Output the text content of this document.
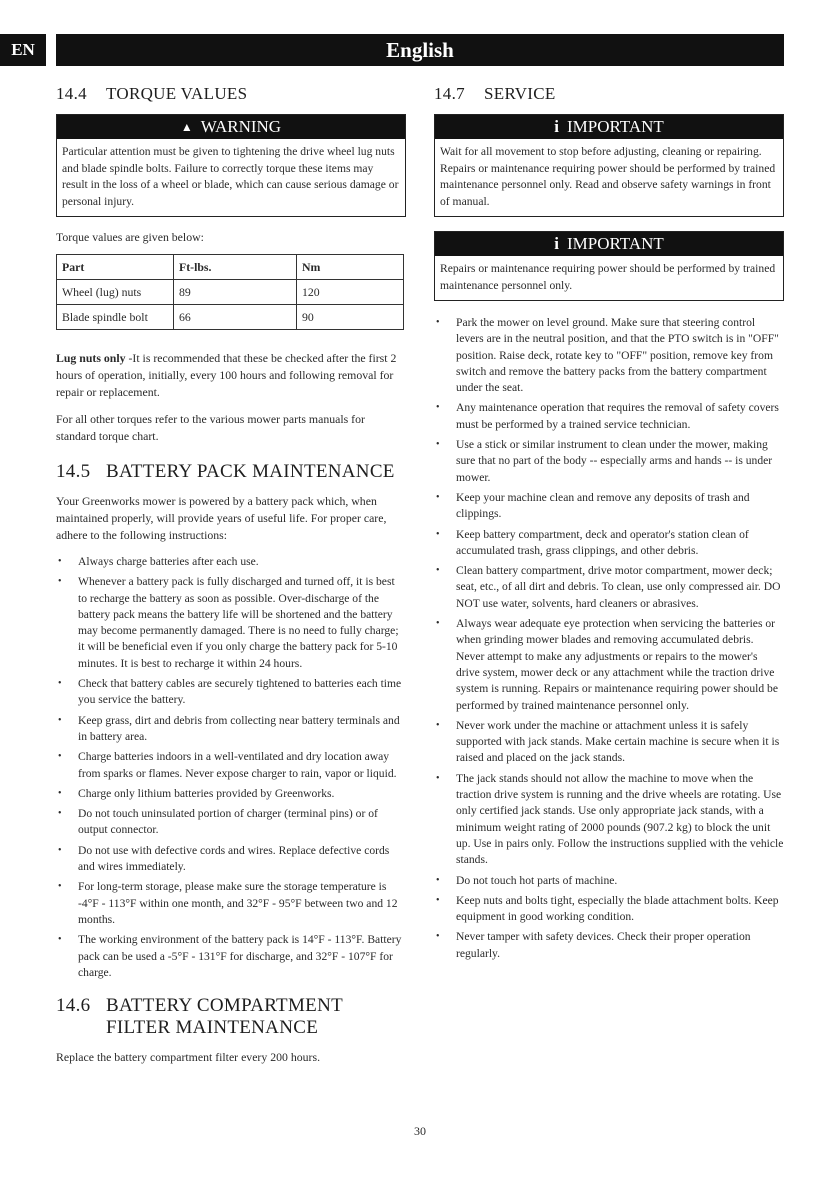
EN	English
14.4	TORQUE VALUES
▲ WARNING
Particular attention must be given to tightening the drive wheel lug nuts and blade spindle bolts. Failure to correctly torque these items may result in the loss of a wheel or blade, which can cause serious damage or personal injury.

Torque values are given below:

Part	Ft-lbs.	Nm
Wheel (lug) nuts	89	120
Blade spindle bolt	66	90

Lug nuts only -It is recommended that these be checked after the first 2 hours of operation, initially, every 100 hours and following removal for repair or replacement.

For all other torques refer to the various mower parts manuals for standard torque chart.

14.5 BATTERY PACK MAINTENANCE

Your Greenworks mower is powered by a battery pack which, when maintained properly, will provide years of useful life. For proper care, adhere to the following instructions:

• Always charge batteries after each use.
• Whenever a battery pack is fully discharged and turned off, it is best to recharge the battery as soon as possible. Over-discharge of the battery pack means the battery life will be shortened and the battery may become permanently damaged. There is no need to fully charge; it will be beneficial even if you only charge the battery pack for 5-10 minutes. It is best to recharge it within 24 hours.
• Check that battery cables are securely tightened to batteries each time you service the battery.
• Keep grass, dirt and debris from collecting near battery terminals and in battery area.
• Charge batteries indoors in a well-ventilated and dry location away from sparks or flames. Never expose charger to rain, vapor or liquid.
• Charge only lithium batteries provided by Greenworks.
• Do not touch uninsulated portion of charger (terminal pins) or of output connector.
• Do not use with defective cords and wires. Replace defective cords and wires immediately.
• For long-term storage, please make sure the storage temperature is -4°F - 113°F within one month, and 32°F - 95°F between two and 12 months.
• The working environment of the battery pack is 14°F - 113°F. Battery pack can be used a -5°F - 131°F for discharge, and 32°F - 107°F for charge.
14.6 BATTERY COMPARTMENT
FILTER MAINTENANCE

Replace the battery compartment filter every 200 hours.

14.7	SERVICE
i IMPORTANT
Wait for all movement to stop before adjusting, cleaning or repairing. Repairs or maintenance requiring power should be performed by trained maintenance personnel only. Read and observe safety warnings in front of manual.
i IMPORTANT
Repairs or maintenance requiring power should be performed by trained maintenance personnel only.
• Park the mower on level ground. Make sure that steering control levers are in the neutral position, and that the PTO switch is in "OFF" position. Raise deck, rotate key to "OFF" position, remove key from switch and remove the battery packs from the battery compartment under the seat.
• Any maintenance operation that requires the removal of safety covers must be performed by a trained service technician.
• Use a stick or similar instrument to clean under the mower, making sure that no part of the body -- especially arms and hands -- is under mower.
• Keep your machine clean and remove any deposits of trash and clippings.
• Keep battery compartment, deck and operator's station clean of accumulated trash, grass clippings, and other debris.
• Clean battery compartment, drive motor compartment, mower deck; seat, etc., of all dirt and debris. To clean, use only compressed air. DO NOT use water, solvents, hard cleaners or abrasives.
• Always wear adequate eye protection when servicing the batteries or when grinding mower blades and removing accumulated debris. Never attempt to make any adjustments or repairs to the mower's drive system, mower deck or any attachment while the traction drive system is running. Repairs or maintenance requiring power should be performed by trained maintenance personnel only.
• Never work under the machine or attachment unless it is safely supported with jack stands. Make certain machine is secure when it is raised and placed on the jack stands.
• The jack stands should not allow the machine to move when the traction drive system is running and the drive wheels are rotating. Use only certified jack stands. Use only appropriate jack stands, with a minimum weight rating of 2000 pounds (907.2 kg) to block the unit up. Use in pairs only. Follow the instructions supplied with the vehicle stands.
• Do not touch hot parts of machine.
• Keep nuts and bolts tight, especially the blade attachment bolts. Keep equipment in good working condition.
• Never tamper with safety devices. Check their proper operation regularly.
30
